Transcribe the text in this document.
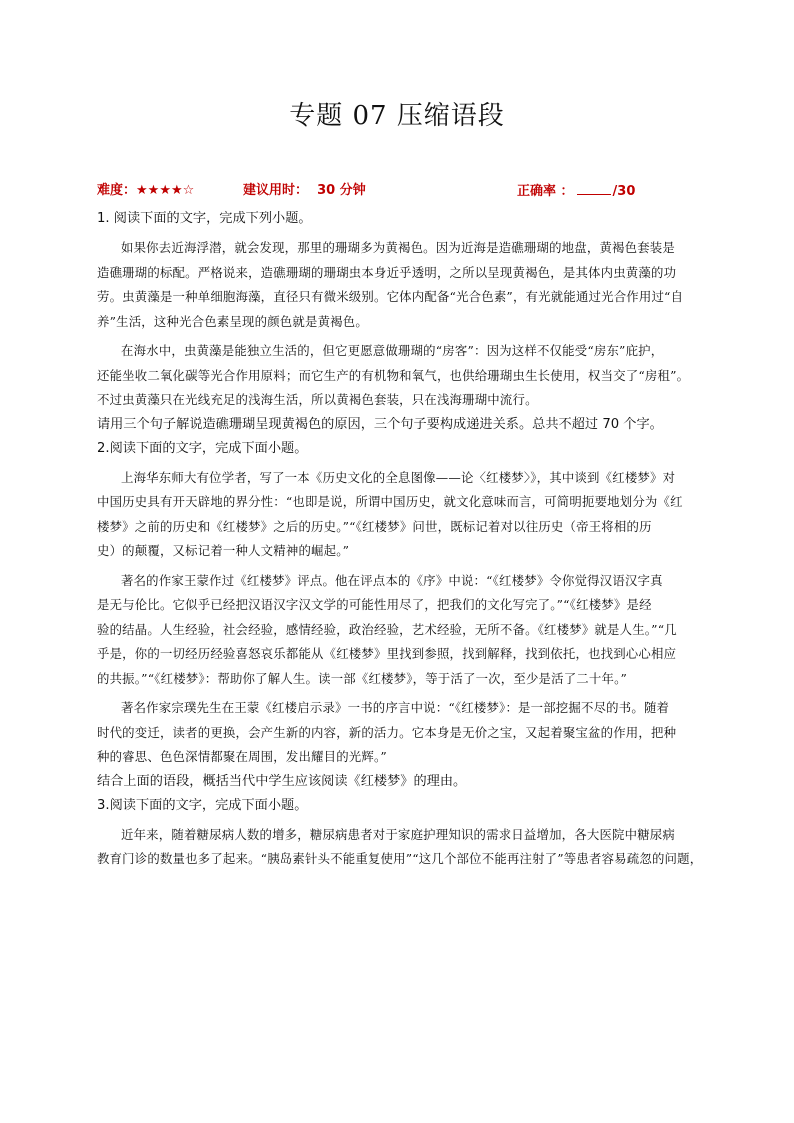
专题 07 压缩语段
难度：★★★★☆	建议用时： 30 分钟	正确率 ：	/30
1. 阅读下面的文字，完成下列小题。
如果你去近海浮潜，就会发现，那里的珊瑚多为黄褐色。因为近海是造礁珊瑚的地盘，黄褐色套装是
造礁珊瑚的标配。严格说来，造礁珊瑚的珊瑚虫本身近乎透明，之所以呈现黄褐色，是其体内虫黄藻的功
劳。虫黄藻是一种单细胞海藻，直径只有微米级别。它体内配备“光合色素”，有光就能通过光合作用过“自
养”生活，这种光合色素呈现的颜色就是黄褐色。
在海水中，虫黄藻是能独立生活的，但它更愿意做珊瑚的“房客”：因为这样不仅能受“房东”庇护，
还能坐收二氧化碳等光合作用原料；而它生产的有机物和氧气，也供给珊瑚虫生长使用，权当交了“房租”。
不过虫黄藻只在光线充足的浅海生活，所以黄褐色套装，只在浅海珊瑚中流行。
请用三个句子解说造礁珊瑚呈现黄褐色的原因，三个句子要构成递进关系。总共不超过 70 个字。
2.阅读下面的文字，完成下面小题。
上海华东师大有位学者，写了一本《历史文化的全息图像——论〈红楼梦〉》，其中谈到《红楼梦》对
中国历史具有开天辟地的界分性：“也即是说，所谓中国历史，就文化意味而言，可简明扼要地划分为《红
楼梦》之前的历史和《红楼梦》之后的历史。”“《红楼梦》问世，既标记着对以往历史（帝王将相的历
史）的颠覆，又标记着一种人文精神的崛起。”
著名的作家王蒙作过《红楼梦》评点。他在评点本的《序》中说：“《红楼梦》令你觉得汉语汉字真
是无与伦比。它似乎已经把汉语汉字汉文学的可能性用尽了，把我们的文化写完了。”“《红楼梦》是经
验的结晶。人生经验，社会经验，感情经验，政治经验，艺术经验，无所不备。《红楼梦》就是人生。”“几
乎是，你的一切经历经验喜怒哀乐都能从《红楼梦》里找到参照，找到解释，找到依托，也找到心心相应
的共振。”“《红楼梦》：帮助你了解人生。读一部《红楼梦》，等于活了一次，至少是活了二十年。”
著名作家宗璞先生在王蒙《红楼启示录》一书的序言中说：“《红楼梦》：是一部挖掘不尽的书。随着
时代的变迁，读者的更换，会产生新的内容，新的活力。它本身是无价之宝，又起着聚宝盆的作用，把种
种的睿思、色色深情都聚在周围，发出耀目的光辉。”
结合上面的语段，概括当代中学生应该阅读《红楼梦》的理由。
3.阅读下面的文字，完成下面小题。
近年来，随着糖尿病人数的增多，糖尿病患者对于家庭护理知识的需求日益增加，各大医院中糖尿病
教育门诊的数量也多了起来。“胰岛素针头不能重复使用”“这几个部位不能再注射了”等患者容易疏忽的问题，
